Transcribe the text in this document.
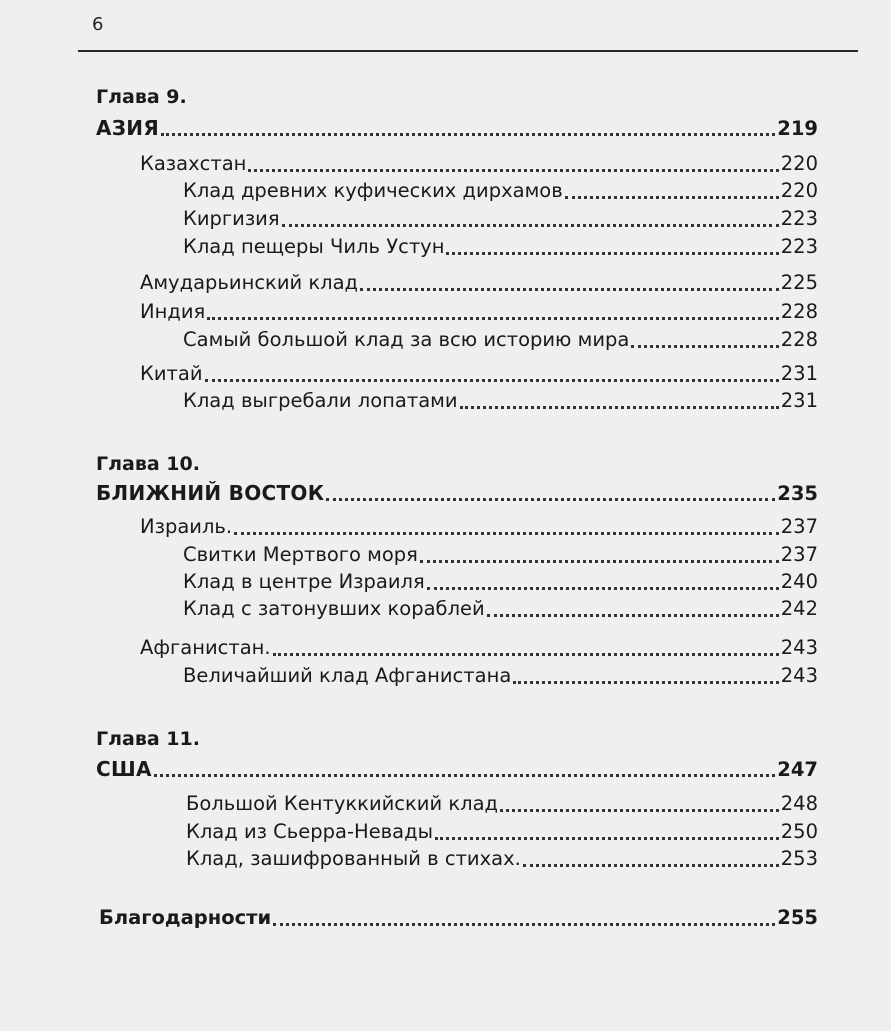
6
Глава 9.
АЗИЯ	219
Казахстан	220
Клад древних куфических дирхамов	220
Киргизия	223
Клад пещеры Чиль Устун	223
Амударьинский клад	225
Индия	228
Самый большой клад за всю историю мира	228
Китай	231
Клад выгребали лопатами	231
Глава 10.
БЛИЖНИЙ ВОСТОК	235
Израиль.	237
Свитки Мертвого моря	237
Клад в центре Израиля	240
Клад с затонувших кораблей	242
Афганистан.	243
Величайший клад Афганистана	243
Глава 11.
США	247
Большой Кентуккийский клад	248
Клад из Сьерра-Невады	250
Клад, зашифрованный в стихах.	253
Благодарности	255
